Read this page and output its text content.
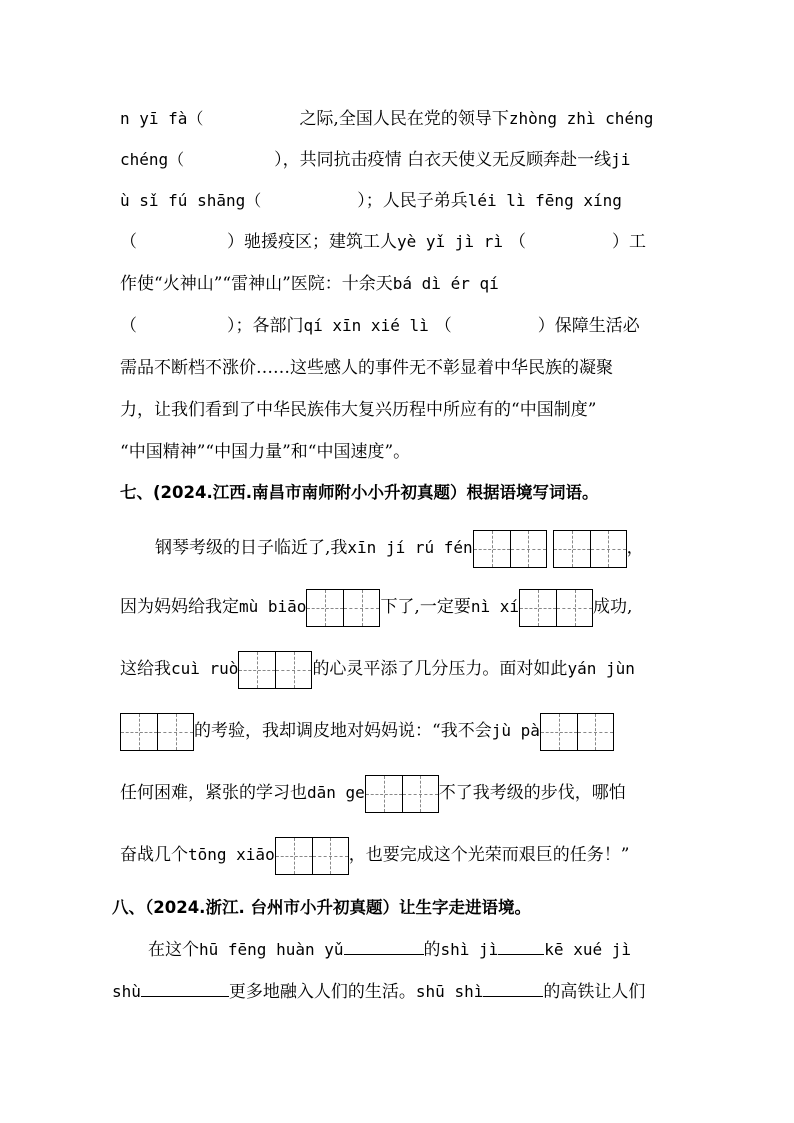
n yī fà（	之际,全国人民在党的领导下zhòng zhì chéng
chéng（	），共同抗击疫情 白衣天使义无反顾奔赴一线ji
ù sǐ fú shāng（	）；人民子弟兵léi lì fēng xíng
（	）驰援疫区；建筑工人yè yǐ jì rì （	）工
作使“火神山”“雷神山”医院：十余天bá dì ér qí
（	）；各部门qí xīn xié lì （	）保障生活必
需品不断档不涨价……这些感人的事件无不彰显着中华民族的凝聚
力，让我们看到了中华民族伟大复兴历程中所应有的“中国制度”
“中国精神”“中国力量”和“中国速度”。
七、(2024.江西.南昌市南师附小小升初真题）根据语境写词语。
钢琴考级的日子临近了,我xīn jí rú fén	，
因为妈妈给我定mù biāo	下了,一定要nì xí	成功,
这给我cuì ruò	的心灵平添了几分压力。面对如此yán jùn
的考验，我却调皮地对妈妈说：“我不会jù pà
任何困难，紧张的学习也dān ge	不了我考级的步伐，哪怕
奋战几个tōng xiāo	，也要完成这个光荣而艰巨的任务！”
八、（2024.浙江. 台州市小升初真题）让生字走进语境。
在这个hū fēng huàn yǔ	的shì jì	kē xué jì
shù	更多地融入人们的生活。shū shì	的高铁让人们
